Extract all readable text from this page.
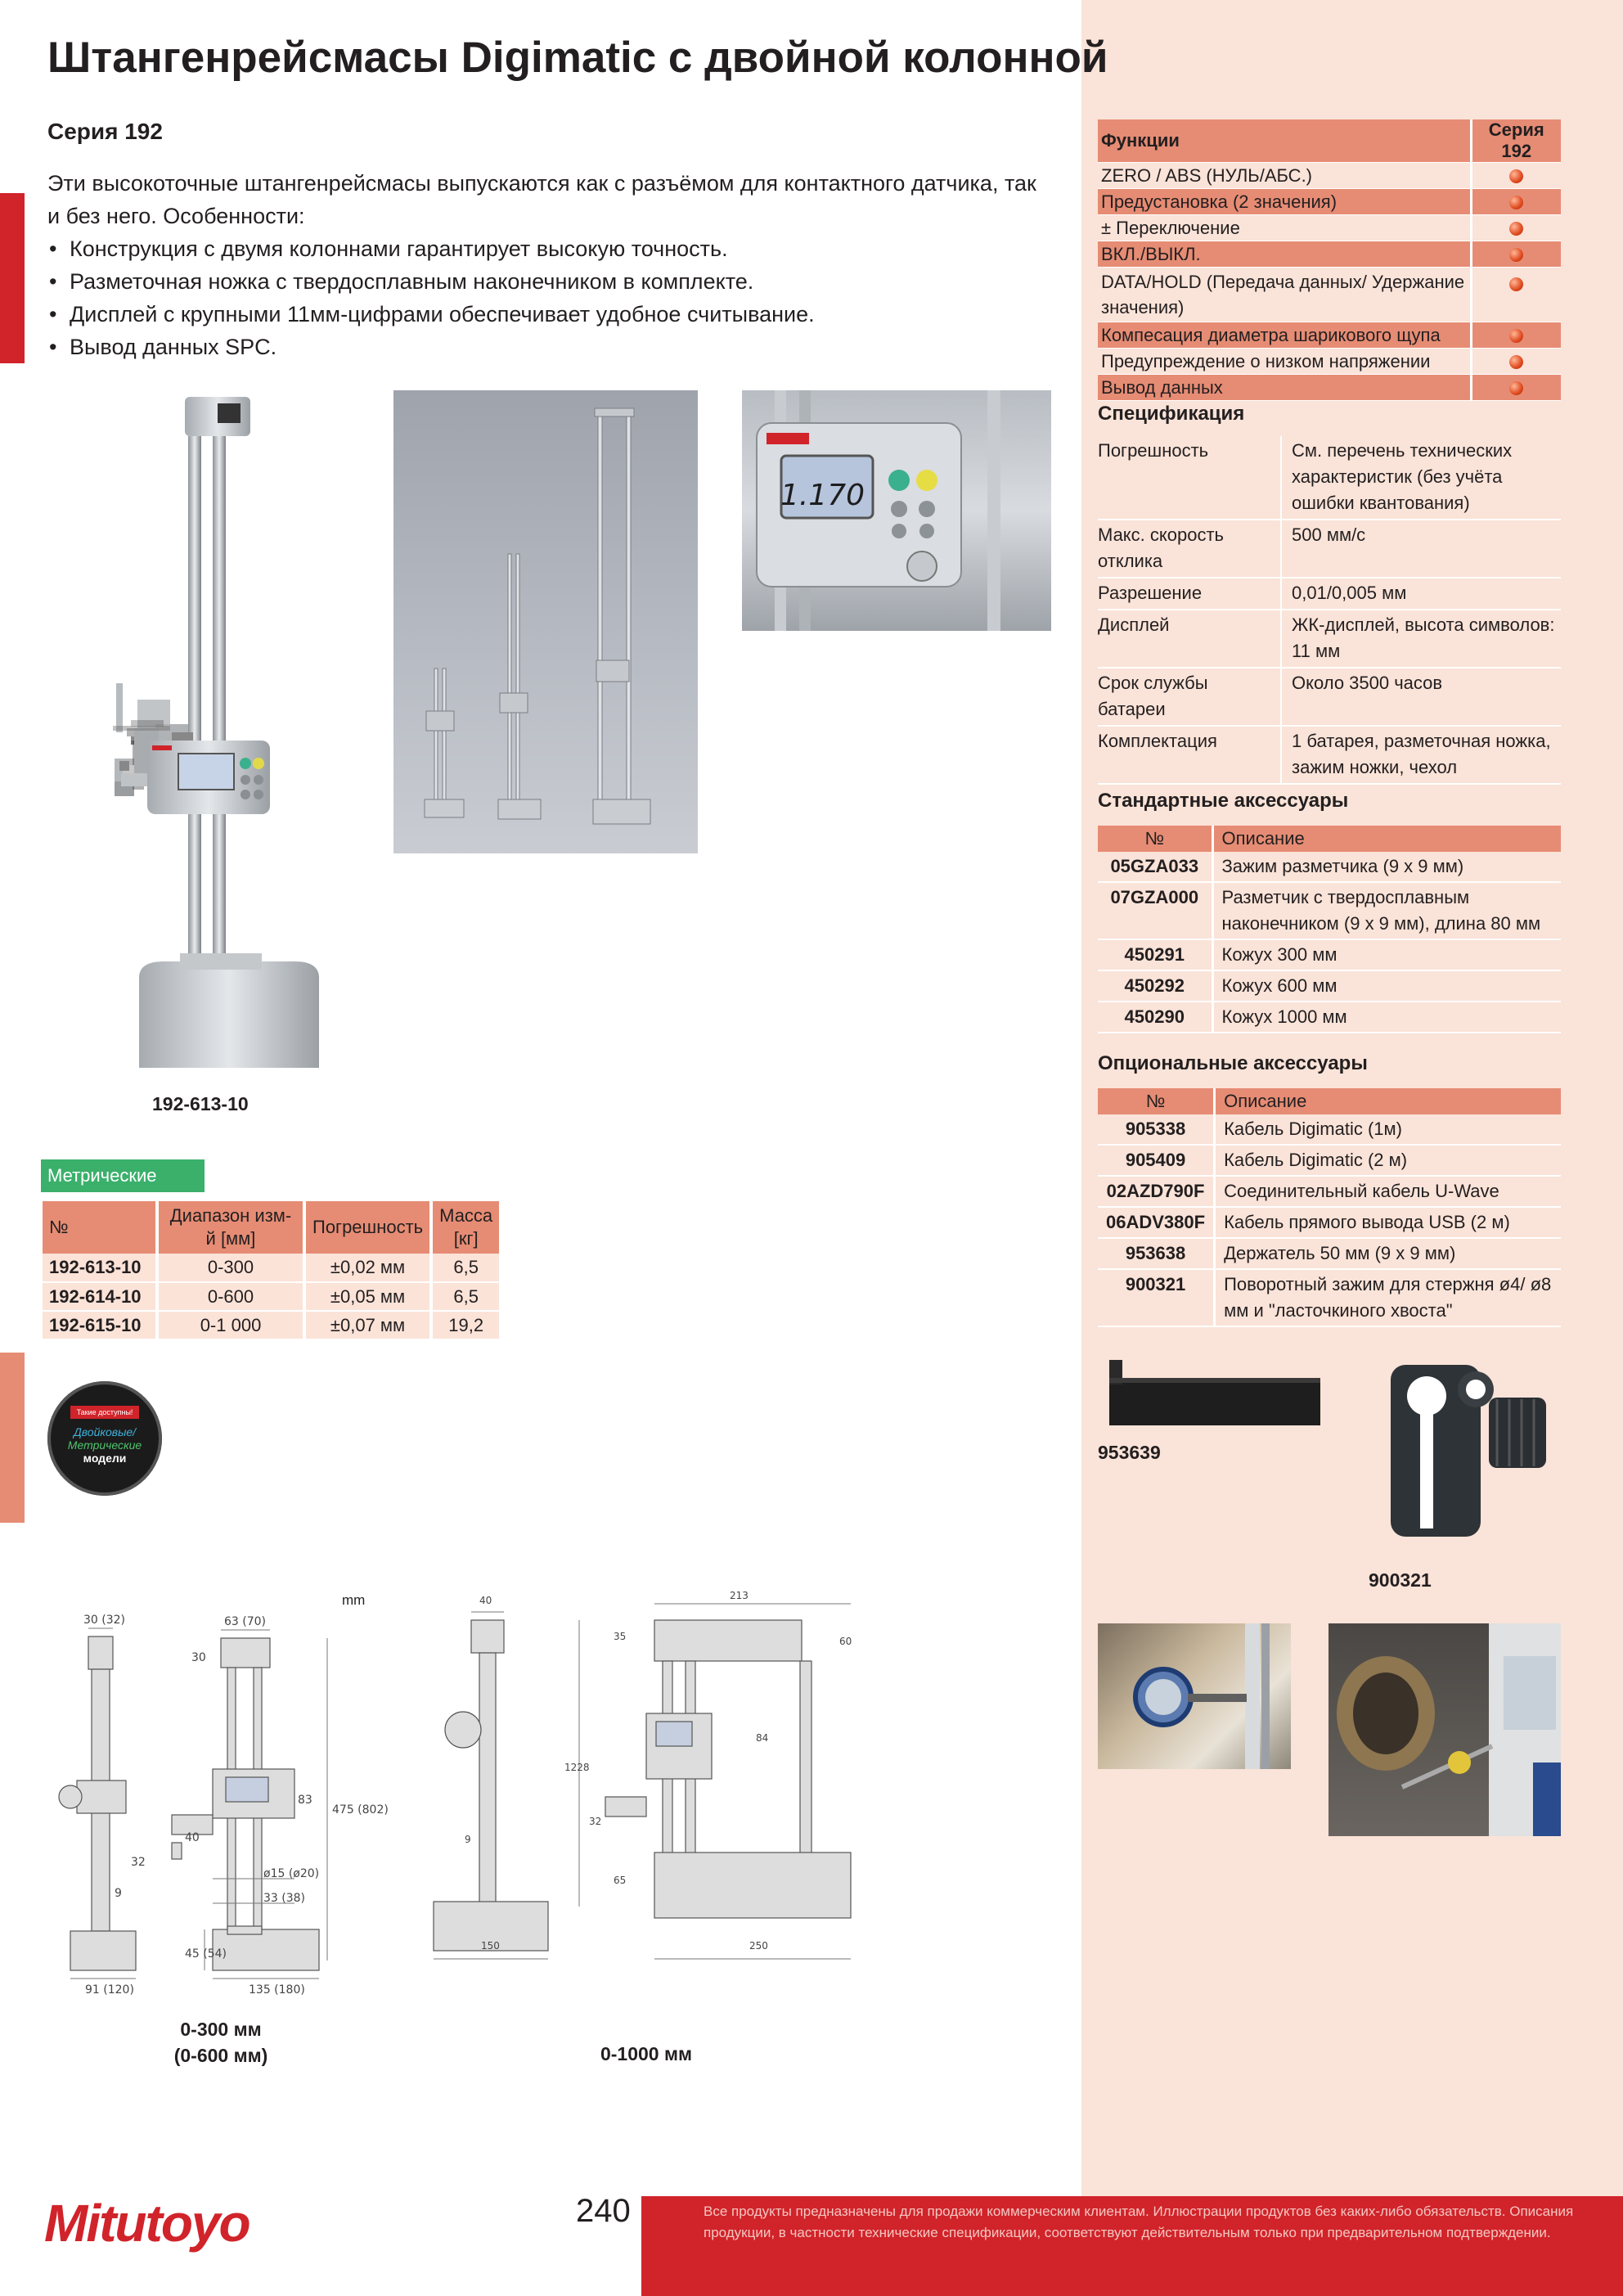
Штангенрейсмасы Digimatic с двойной колонной
Серия 192

Эти высокоточные штангенрейсмасы выпускаются как с разъёмом для контактного датчика, так и без него. Особенности:

• Конструкция с двумя колоннами гарантирует высокую точность.
• Разметочная ножка с твердосплавным наконечником в комплекте.
• Дисплей с крупными 11мм-цифрами обеспечивает удобное считывание.
• Вывод данных SPC.
192-613-10
1.170
Функции	Серия 192
ZERO / ABS (НУЛЬ/АБС.)	
Предустановка (2 значения)	
± Переключение	
ВКЛ./ВЫКЛ.	
DATA/HOLD (Передача данных/ Удержание значения)	
Компесация диаметра шарикового щупа	
Предупреждение о низком напряжении	
Вывод данных	
Спецификация
Погрешность	См. перечень технических характеристик (без учёта ошибки квантования)
Макс. скорость отклика	500 мм/с
Разрешение	0,01/0,005 мм
Дисплей	ЖК-дисплей, высота символов: 11 мм
Срок службы батареи	Около 3500 часов
Комплектация	1 батарея, разметочная ножка, зажим ножки, чехол
Стандартные аксессуары
№	Описание
05GZA033	Зажим разметчика (9 x 9 мм)
07GZA000	Разметчик с твердосплавным наконечником (9 x 9 мм), длина 80 мм
450291	Кожух 300 мм
450292	Кожух 600 мм
450290	Кожух 1000 мм
Опциональные аксессуары
№	Описание
905338	Кабель Digimatic (1м)
905409	Кабель Digimatic (2 м)
02AZD790F	Соединительный кабель U-Wave
06ADV380F	Кабель прямого вывода USB (2 м)
953638	Держатель 50 мм (9 x 9 мм)
900321	Поворотный зажим для стержня ø4/ ø8 мм и "ласточкиного хвоста"
953639
900321
Метрические
№	Диапазон изм-й [мм]	Погрешность	Масса [кг]
192-613-10	0-300	±0,02 мм	6,5
192-614-10	0-600	±0,05 мм	6,5
192-615-10	0-1 000	±0,07 мм	19,2
Такие доступны!
Двойковые/
Метрические
модели
mm
30 (32)	63 (70)
30
83
475 (802)
40
32
9
ø15 (ø20)
33 (38)
45 (54)
91 (120)	135 (180)
0-300 мм
(0-600 мм)
40	213
35	60
1228
84
32
9
65
150	250
0-1000 мм
Mitutoyo	240	Все продукты предназначены для продажи коммерческим клиентам. Иллюстрации продуктов без каких-либо обязательств. Описания продукции, в частности технические спецификации, соответствуют действительным только при предварительном подтверждении.
